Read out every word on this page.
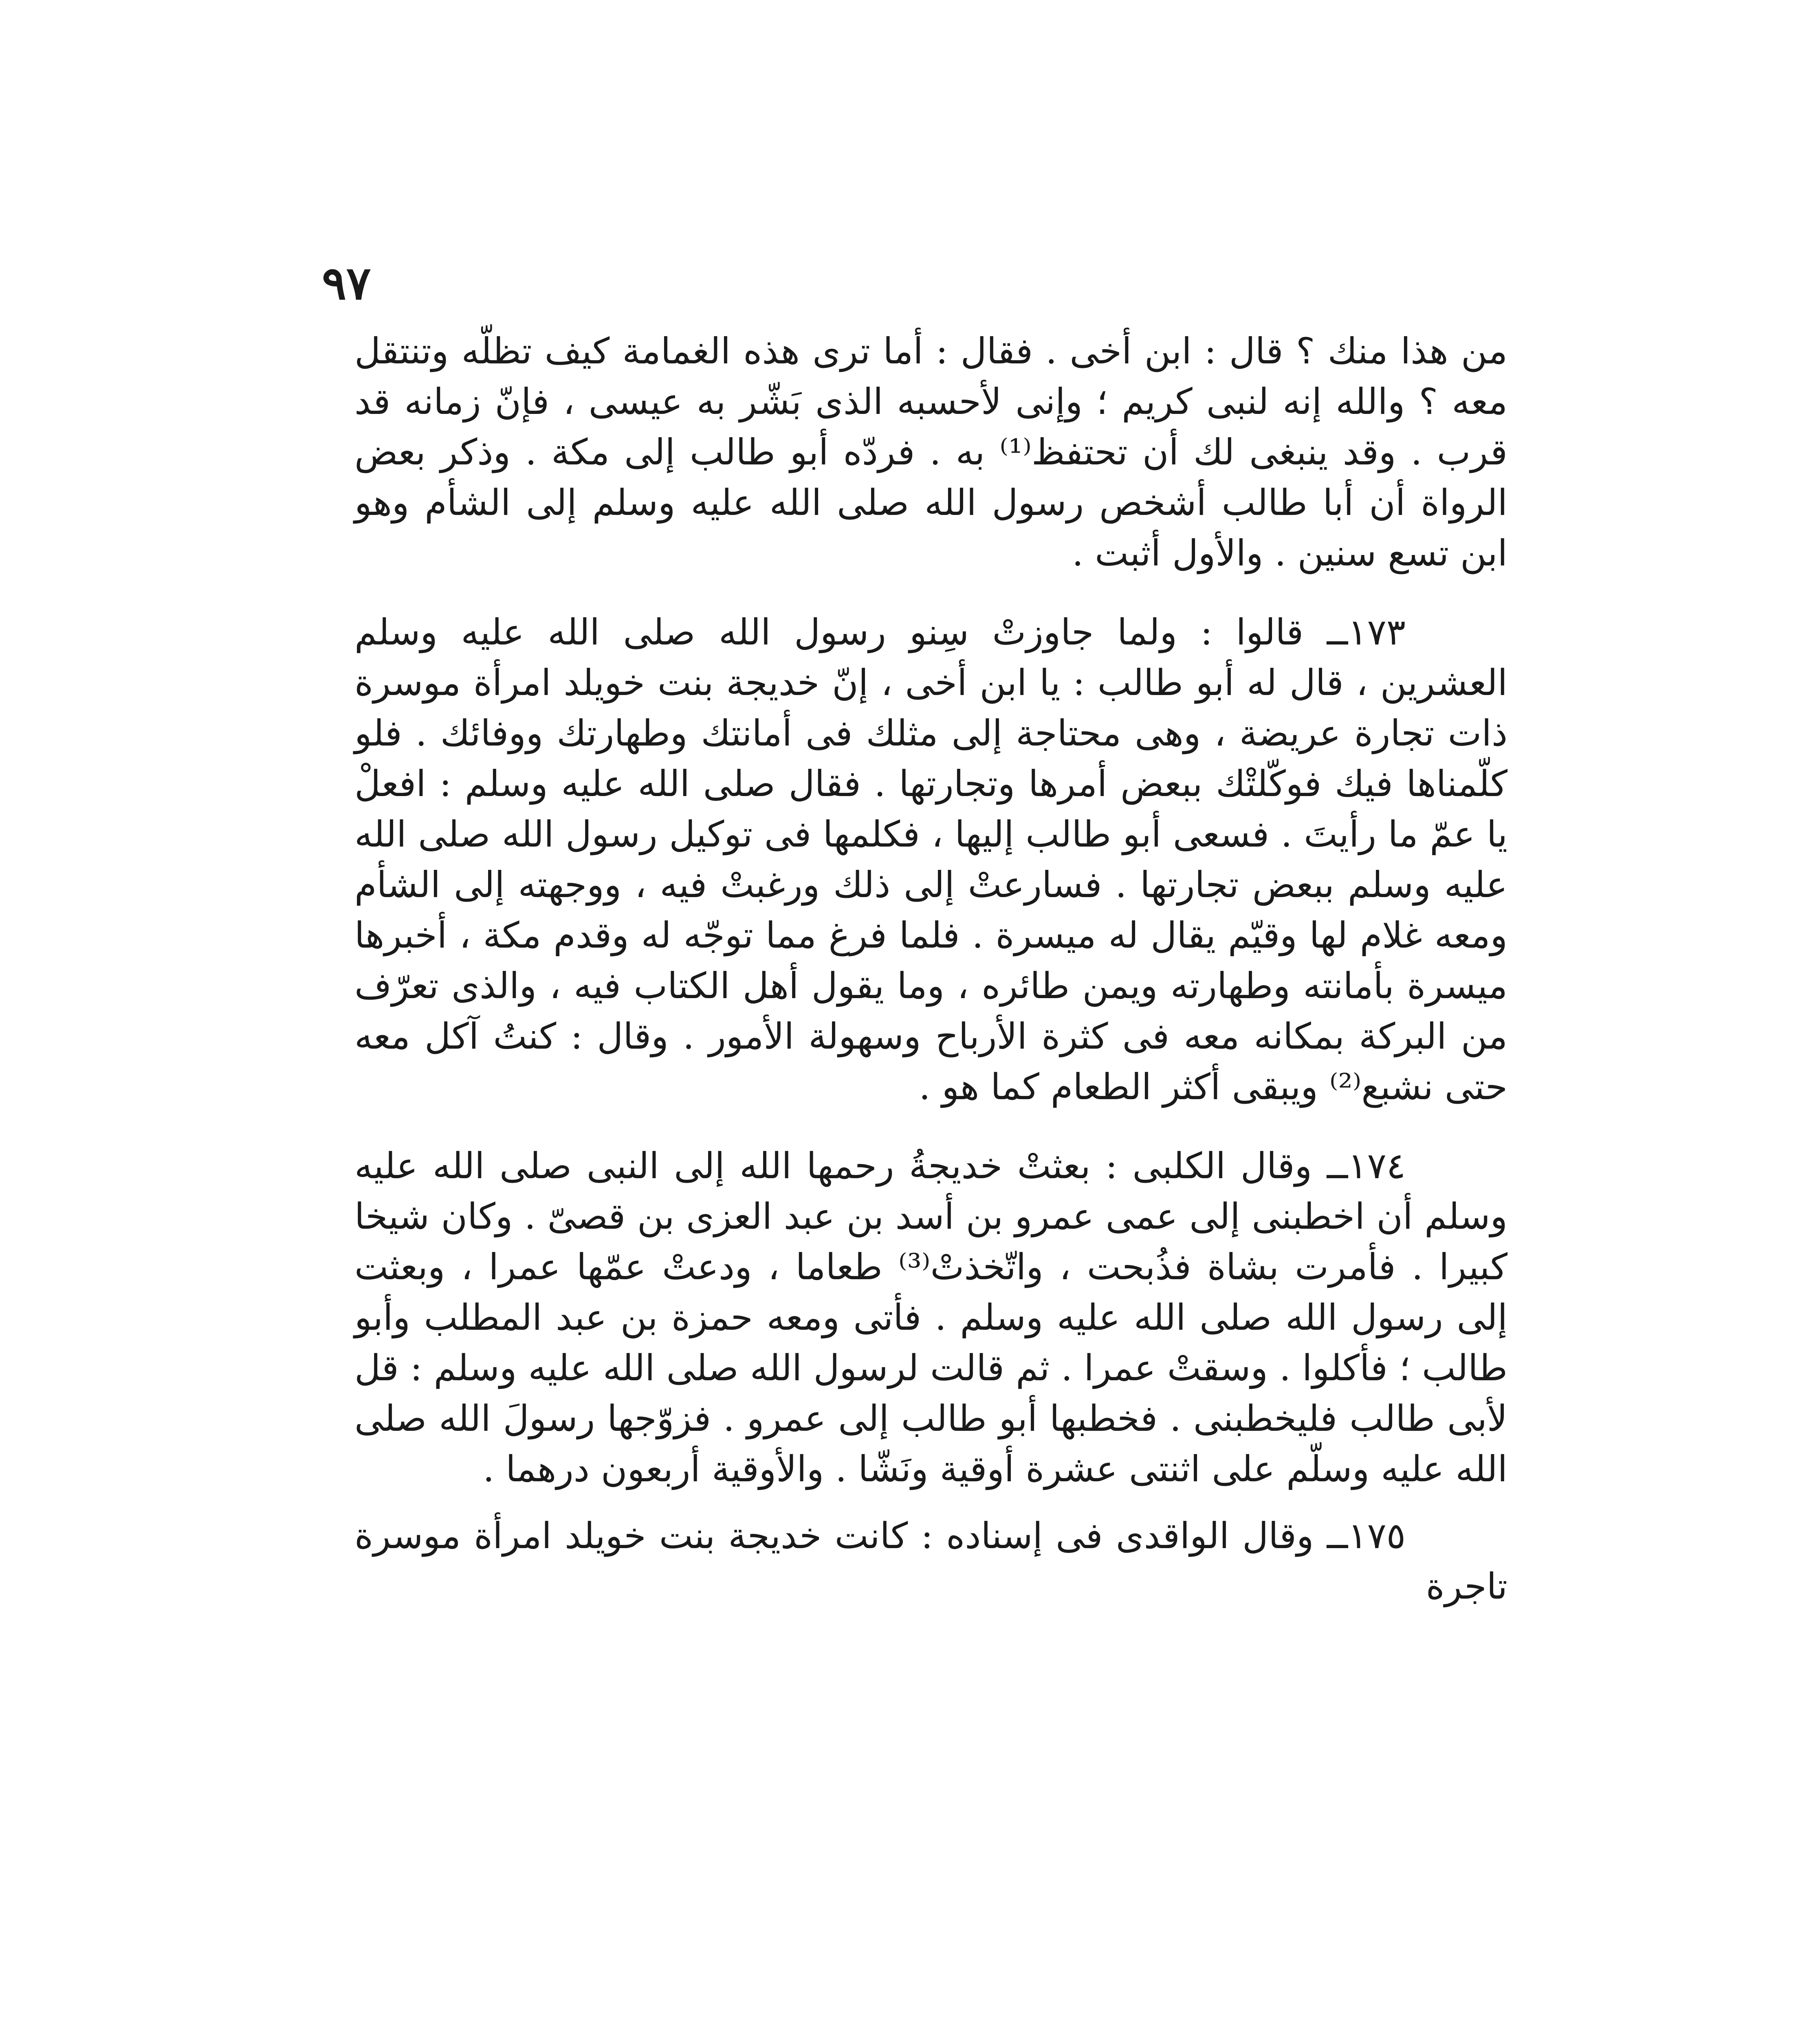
٩٧

من هذا منك ؟ قال : ابن أخى . فقال : أما ترى هذه الغمامة كيف تظلّه وتنتقل معه ؟ والله إنه لنبى كريم ؛ وإنى لأحسبه الذى بَشّر به عيسى ، فإنّ زمانه قد قرب . وقد ينبغى لك أن تحتفظ⁽¹⁾ به . فردّه أبو طالب إلى مكة . وذكر بعض الرواة أن أبا طالب أشخص رسول الله صلى الله عليه وسلم إلى الشأم وهو ابن تسع سنين . والأول أثبت .

١٧٣ــ قالوا : ولما جاوزتْ سِنو رسول الله صلى الله عليه وسلم العشرين ، قال له أبو طالب : يا ابن أخى ، إنّ خديجة بنت خويلد امرأة موسرة ذات تجارة عريضة ، وهى محتاجة إلى مثلك فى أمانتك وطهارتك ووفائك . فلو كلّمناها فيك فوكّلتْك ببعض أمرها وتجارتها . فقال صلى الله عليه وسلم : افعلْ يا عمّ ما رأيتَ . فسعى أبو طالب إليها ، فكلمها فى توكيل رسول الله صلى الله عليه وسلم ببعض تجارتها . فسارعتْ إلى ذلك ورغبتْ فيه ، ووجهته إلى الشأم ومعه غلام لها وقيّم يقال له ميسرة . فلما فرغ مما توجّه له وقدم مكة ، أخبرها ميسرة بأمانته وطهارته ويمن طائره ، وما يقول أهل الكتاب فيه ، والذى تعرّف من البركة بمكانه معه فى كثرة الأرباح وسهولة الأمور . وقال : كنتُ آكل معه حتى نشبع⁽²⁾ ويبقى أكثر الطعام كما هو .

١٧٤ــ وقال الكلبى : بعثتْ خديجةُ رحمها الله إلى النبى صلى الله عليه وسلم أن اخطبنى إلى عمى عمرو بن أسد بن عبد العزى بن قصىّ . وكان شيخا كبيرا . فأمرت بشاة فذُبحت ، واتّخذتْ⁽³⁾ طعاما ، ودعتْ عمّها عمرا ، وبعثت إلى رسول الله صلى الله عليه وسلم . فأتى ومعه حمزة بن عبد المطلب وأبو طالب ؛ فأكلوا . وسقتْ عمرا . ثم قالت لرسول الله صلى الله عليه وسلم : قل لأبى طالب فليخطبنى . فخطبها أبو طالب إلى عمرو . فزوّجها رسولَ الله صلى الله عليه وسلّم على اثنتى عشرة أوقية ونَشّا . والأوقية أربعون درهما .

١٧٥ــ وقال الواقدى فى إسناده : كانت خديجة بنت خويلد امرأة موسرة تاجرة
